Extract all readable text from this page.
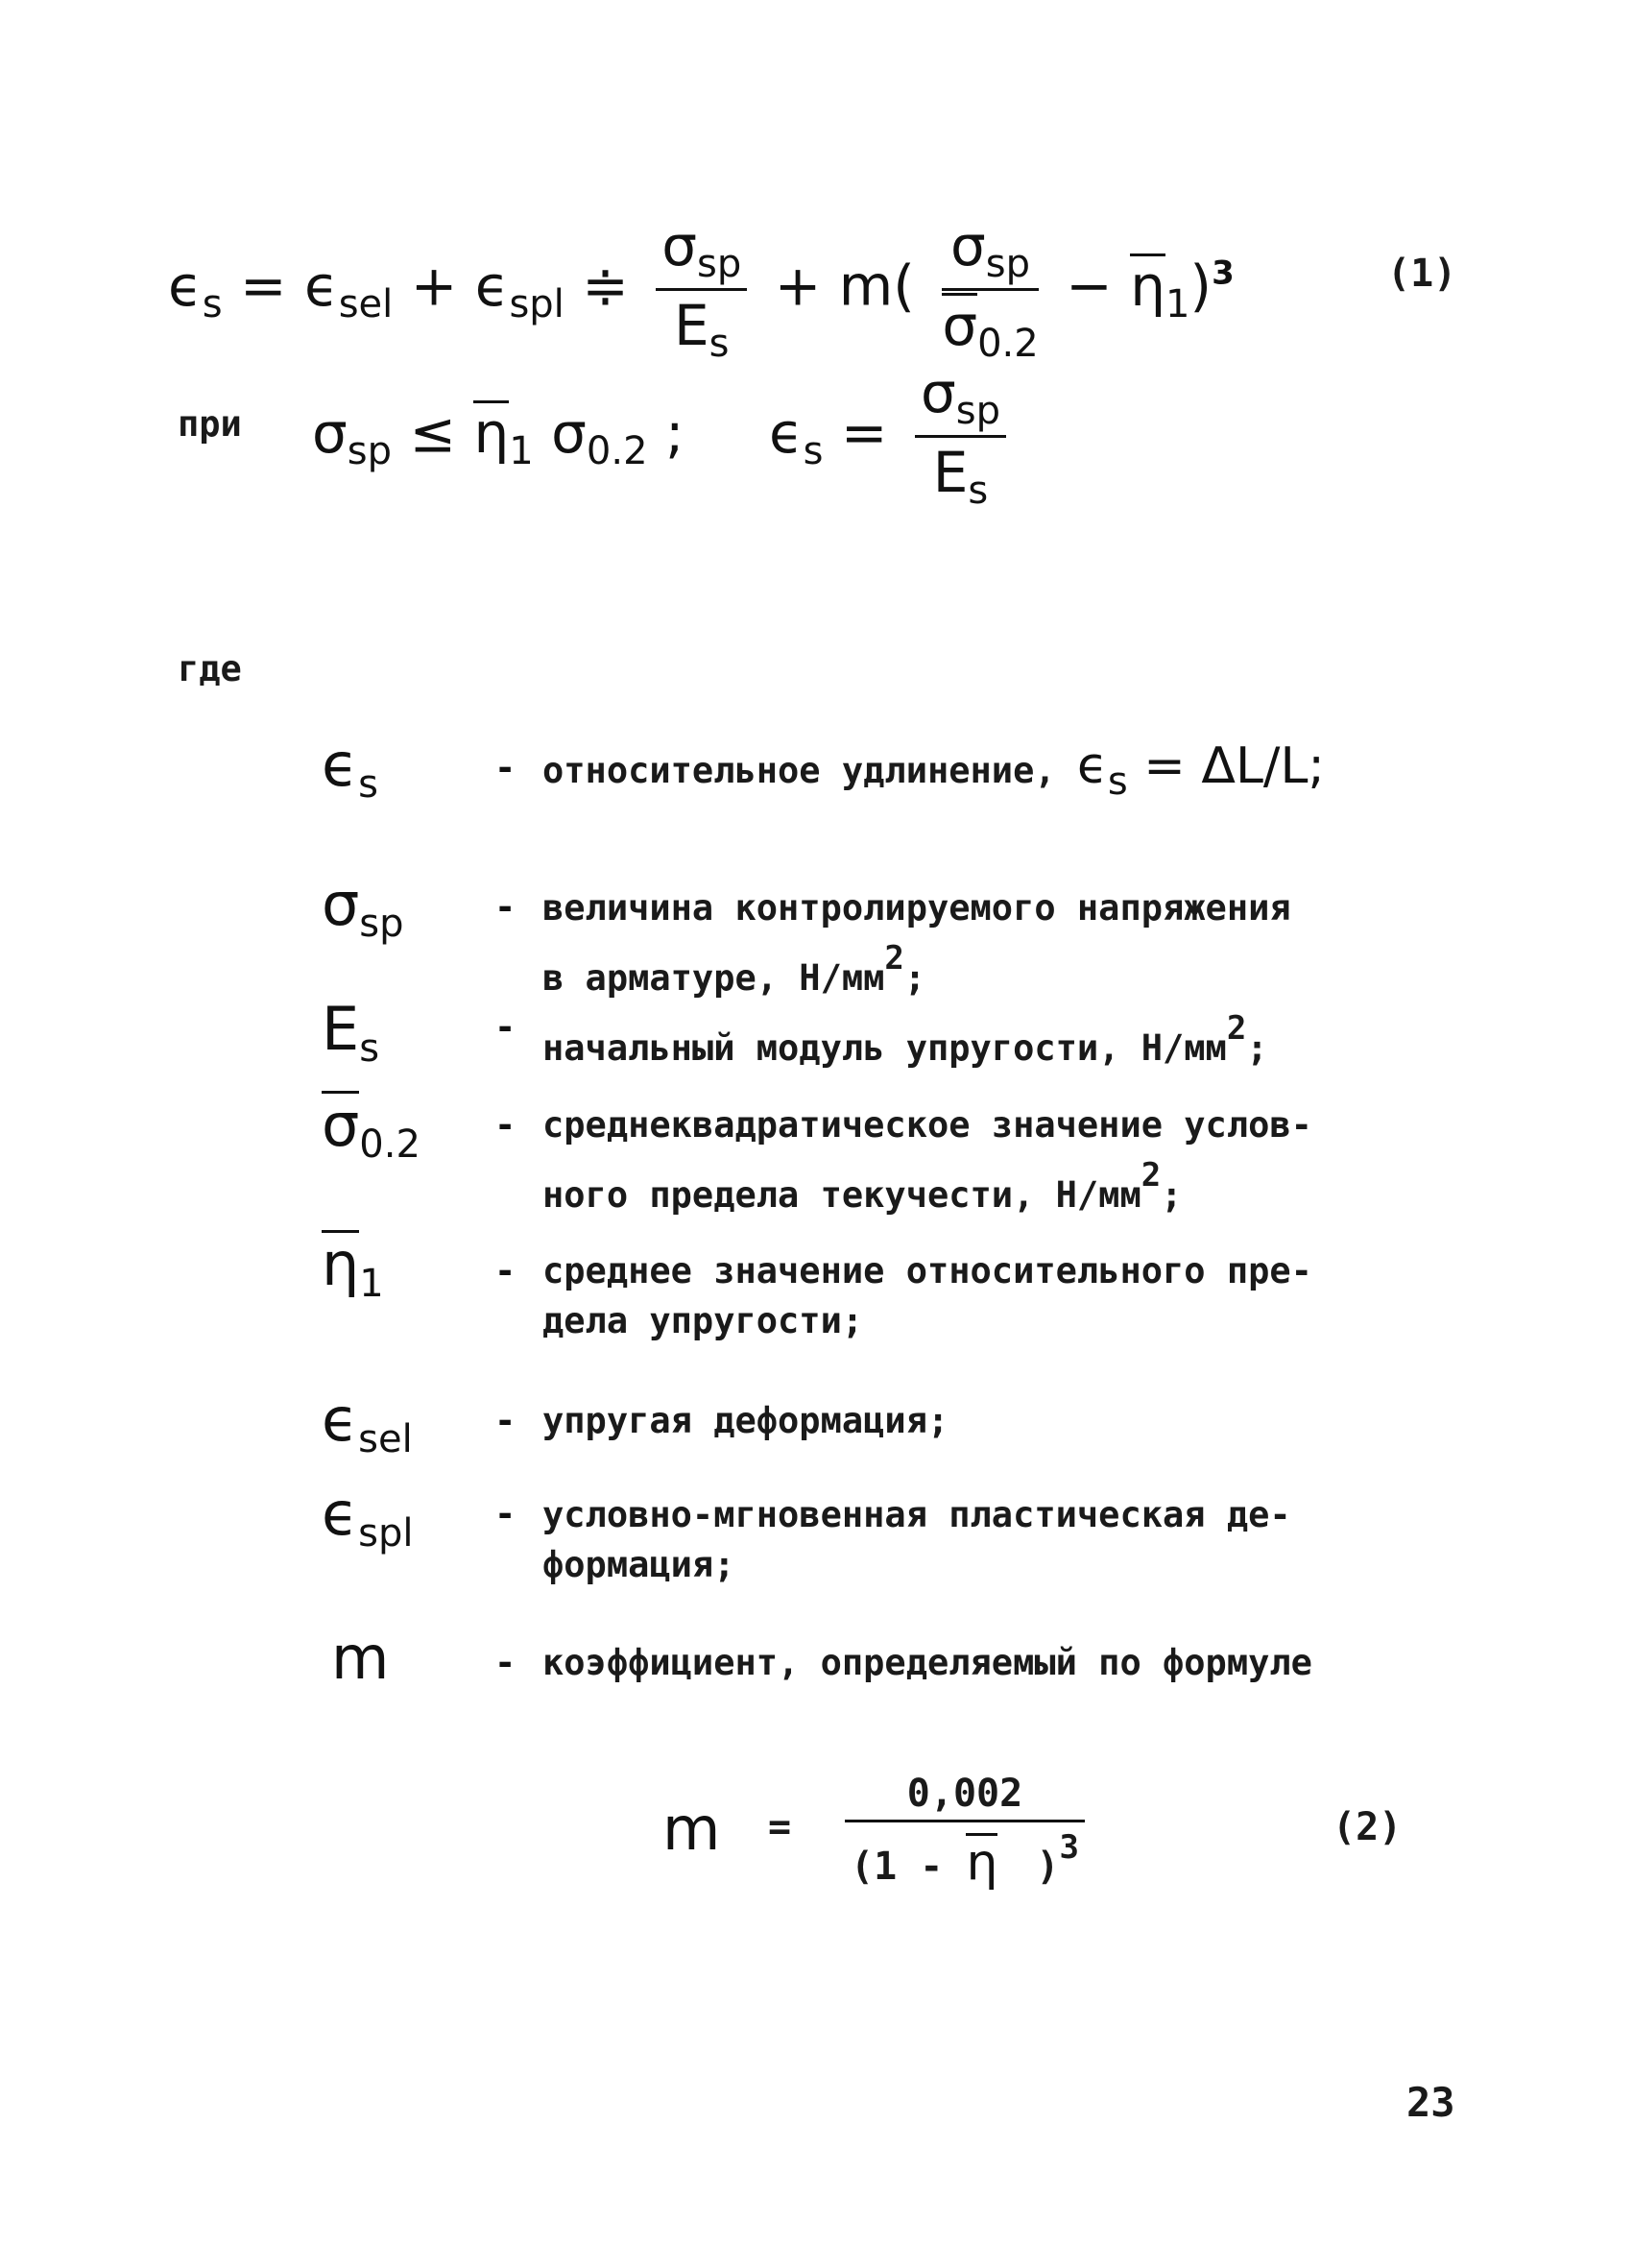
$\epsilon_s = \epsilon_{sel} + \epsilon_{spl}$ ≑ $\frac{\sigma_{sp}}{E_s} + m( \frac{\sigma_{sp}}{\sigma_{0.2}} - \eta_1)^3$	(1)
при $\sigma_{sp} \le \eta_1$ $\sigma_{0.2}$ ; $\epsilon_s = \frac{\sigma_{sp}}{E_s}$
где
$\epsilon_s$	- относительное удлинение, $\epsilon_s = \Delta L/L$;
$\sigma_{sp}$	- величина контролируемого напряжения
в арматуре, Н/мм2;
$E_s$	-
начальный модуль упругости, Н/мм2;
$\sigma_{0.2}$ - среднеквадратическое значение услов-
ного предела текучести, Н/мм2;
$\eta_1$	- среднее значение относительного пре-
дела упругости;
$\epsilon_{sel}$ - упругая деформация;
$\epsilon_{spl}$ - условно-мгновенная пластическая де-
формация;
m	- коэффициент, определяемый по формуле
$m = \frac{0,002}{(1 - \eta )^3}$	(2)
23
